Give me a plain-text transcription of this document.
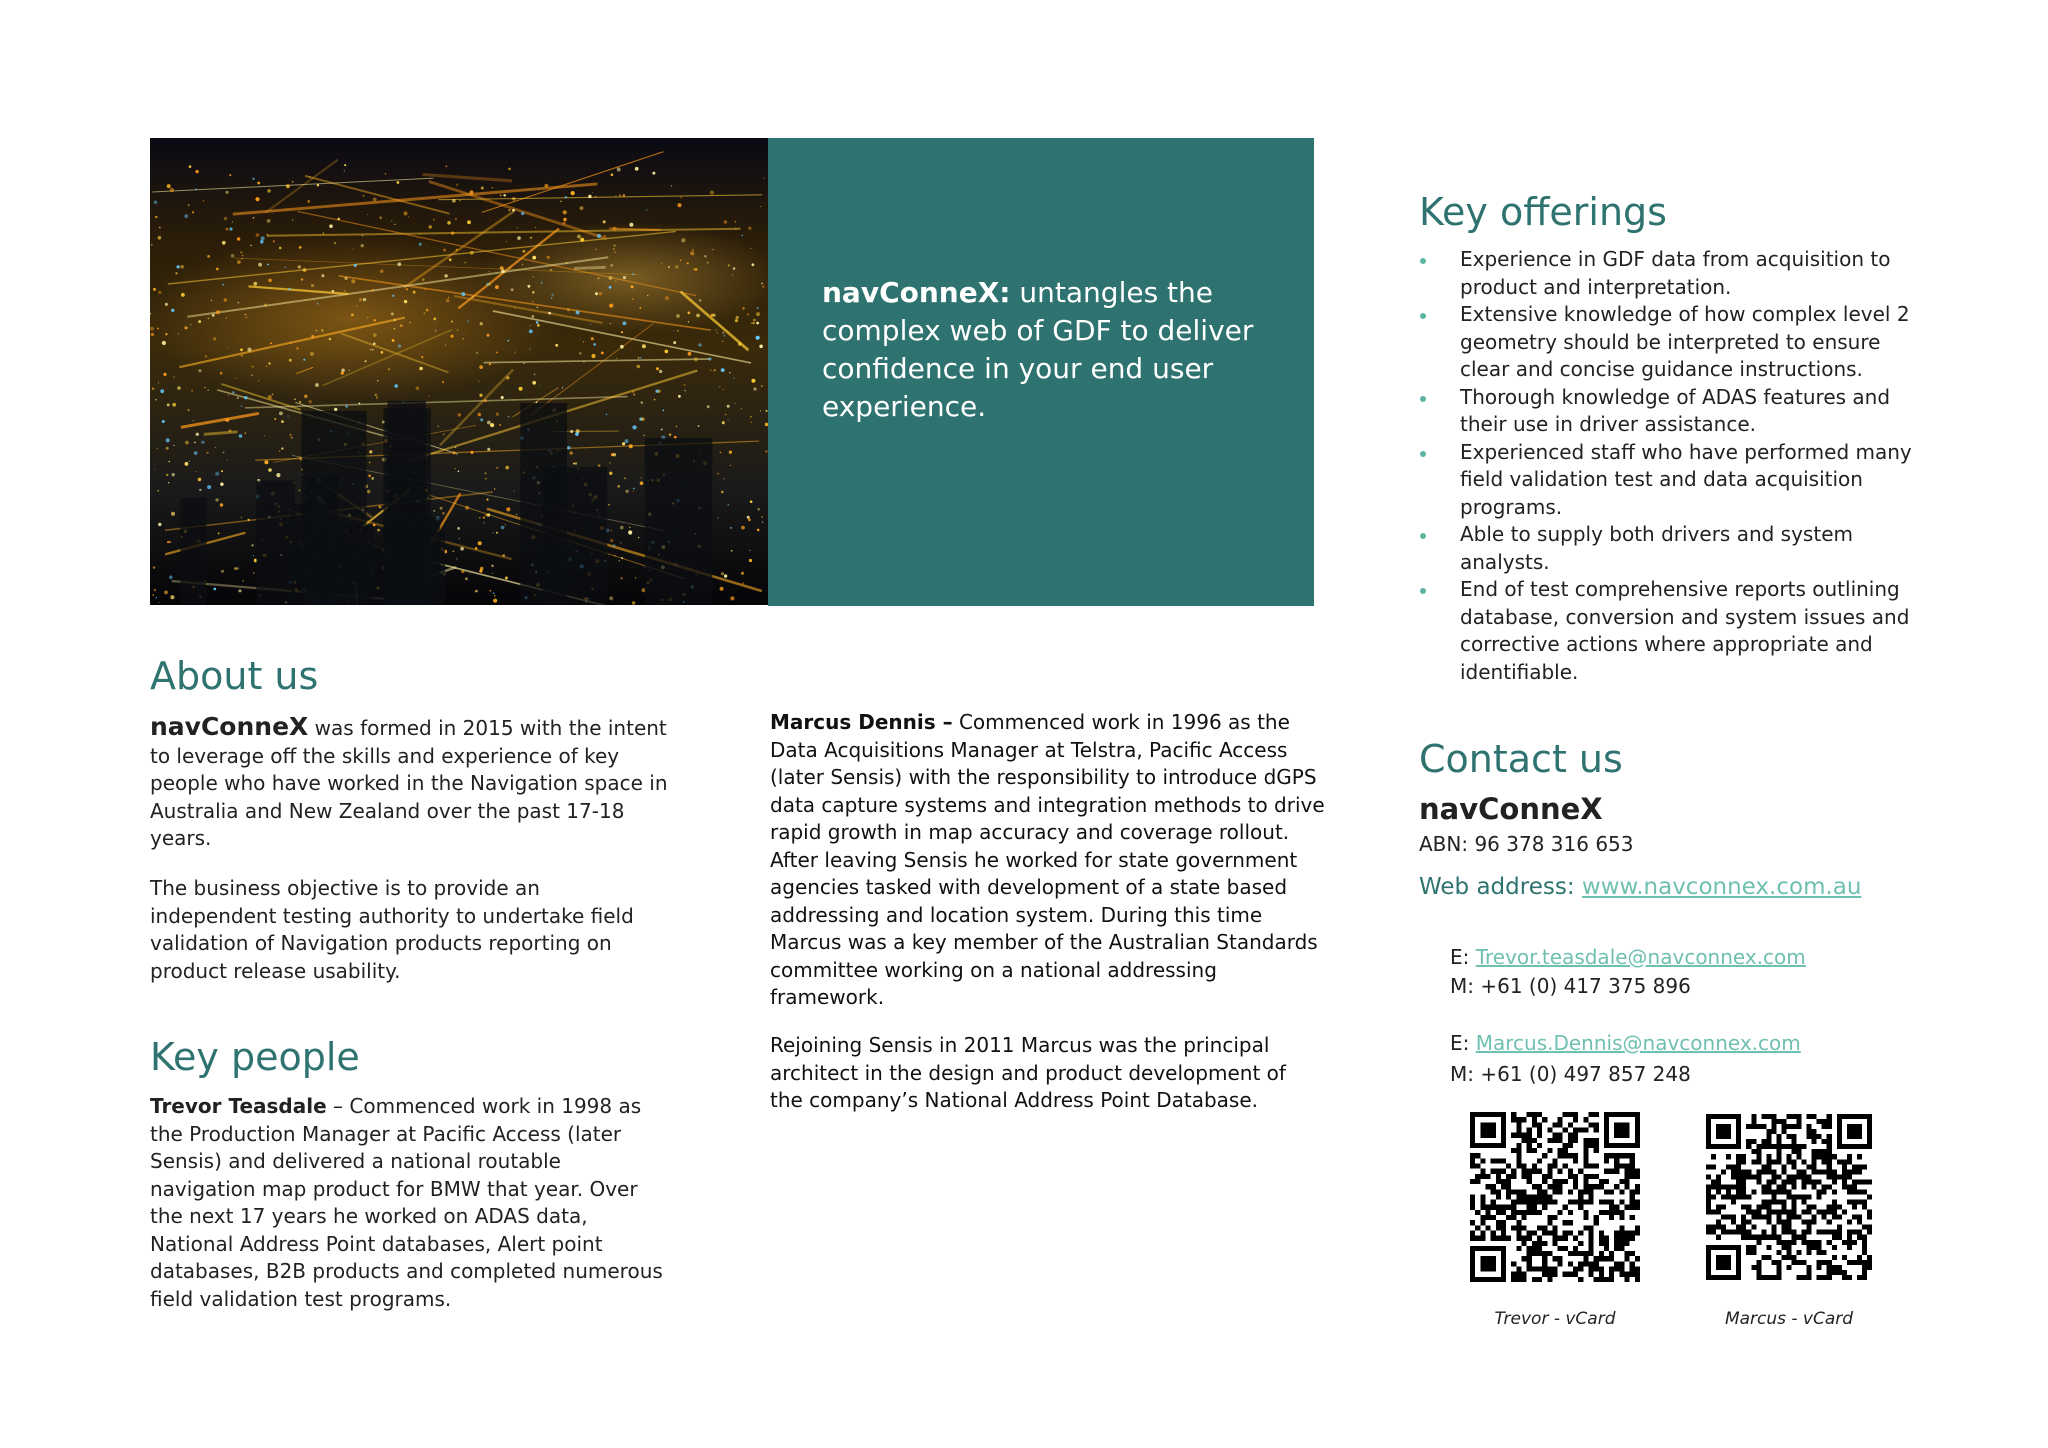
navConneX: untangles the complex web of GDF to deliver confidence in your end user experience.

About us

navConneX was formed in 2015 with the intent to leverage off the skills and experience of key people who have worked in the Navigation space in Australia and New Zealand over the past 17-18 years.

The business objective is to provide an independent testing authority to undertake field validation of Navigation products reporting on product release usability.

Key people

Trevor Teasdale – Commenced work in 1998 as the Production Manager at Pacific Access (later Sensis) and delivered a national routable navigation map product for BMW that year. Over the next 17 years he worked on ADAS data, National Address Point databases, Alert point databases, B2B products and completed numerous field validation test programs.

Marcus Dennis – Commenced work in 1996 as the Data Acquisitions Manager at Telstra, Pacific Access (later Sensis) with the responsibility to introduce dGPS data capture systems and integration methods to drive rapid growth in map accuracy and coverage rollout. After leaving Sensis he worked for state government agencies tasked with development of a state based addressing and location system. During this time Marcus was a key member of the Australian Standards committee working on a national addressing framework.

Rejoining Sensis in 2011 Marcus was the principal architect in the design and product development of the company’s National Address Point Database.

Key offerings
Experience in GDF data from acquisition to product and interpretation.
Extensive knowledge of how complex level 2 geometry should be interpreted to ensure clear and concise guidance instructions.
Thorough knowledge of ADAS features and their use in driver assistance.
Experienced staff who have performed many field validation test and data acquisition programs.
Able to supply both drivers and system analysts.
End of test comprehensive reports outlining database, conversion and system issues and corrective actions where appropriate and identifiable.
Contact us
navConneX
ABN: 96 378 316 653
Web address: www.navconnex.com.au
E: Trevor.teasdale@navconnex.com
M: +61 (0) 417 375 896
E: Marcus.Dennis@navconnex.com
M: +61 (0) 497 857 248
Trevor - vCard	Marcus - vCard
